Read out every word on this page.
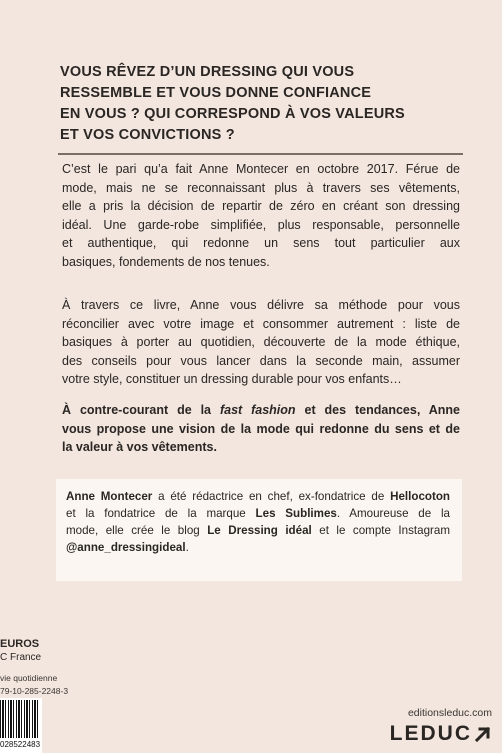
VOUS RÊVEZ D’UN DRESSING QUI VOUS
RESSEMBLE ET VOUS DONNE CONFIANCE
EN VOUS ? QUI CORRESPOND À VOS VALEURS
ET VOS CONVICTIONS ?
C’est le pari qu’a fait Anne Montecer en octobre 2017. Férue de
mode, mais ne se reconnaissant plus à travers ses vêtements,
elle a pris la décision de repartir de zéro en créant son dressing
idéal. Une garde-robe simplifiée, plus responsable, personnelle
et authentique, qui redonne un sens tout particulier aux
basiques, fondements de nos tenues.
À travers ce livre, Anne vous délivre sa méthode pour vous
réconcilier avec votre image et consommer autrement : liste de
basiques à porter au quotidien, découverte de la mode éthique,
des conseils pour vous lancer dans la seconde main, assumer
votre style, constituer un dressing durable pour vos enfants…
À contre-courant de la fast fashion et des tendances, Anne
vous propose une vision de la mode qui redonne du sens et de
la valeur à vos vêtements.
Anne Montecer a été rédactrice en chef, ex-fondatrice de Hellocoton
et la fondatrice de la marque Les Sublimes. Amoureuse de la
mode, elle crée le blog Le Dressing idéal et le compte Instagram
@anne_dressingideal.
EUROS
C France
vie quotidienne
79-10-285-2248-3
028522483
editionsleduc.com
LEDUC
